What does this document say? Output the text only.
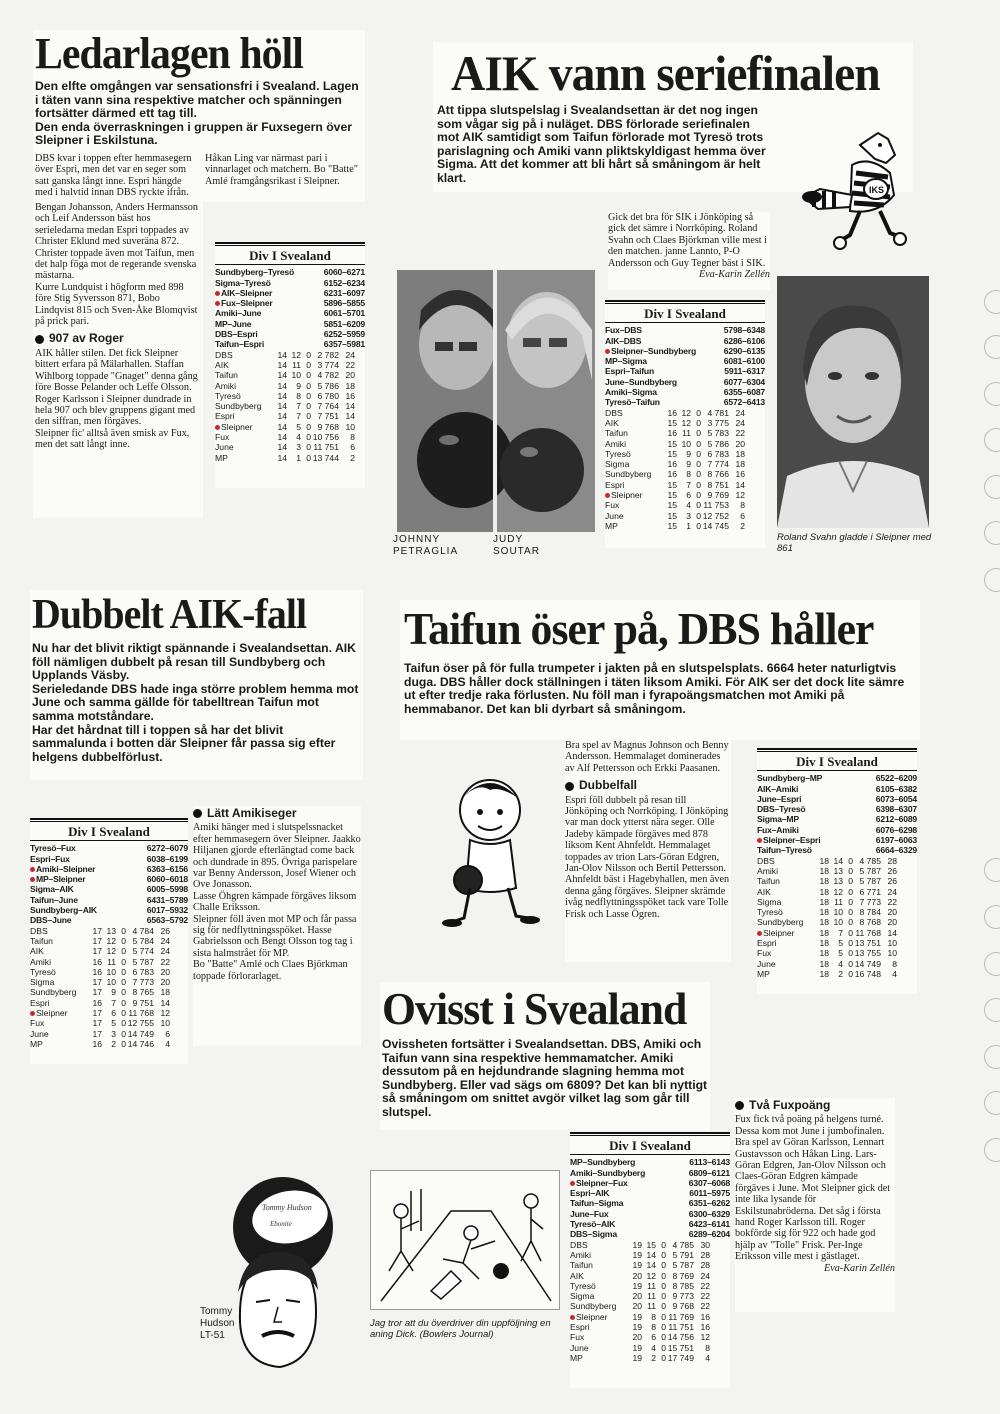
Ledarlagen höll

Den elfte omgången var sensationsfri i Svealand. Lagen i täten vann sina respektive matcher och spänningen fortsätter därmed ett tag till.

Den enda överraskningen i gruppen är Fuxsegern över Sleipner i Eskilstuna.

DBS kvar i toppen efter hemmasegern över Espri, men det var en seger som satt ganska långt inne. Espri hängde med i halvtid innan DBS ryckte ifrån.

Håkan Ling var närmast pari i vinnarlaget och matchern. Bo "Batte" Amlé framgångsrikast i Sleipner.

Bengan Johansson, Anders Hermansson och Leif Andersson bäst hos serieledarna medan Espri toppades av Christer Eklund med suveräna 872.

Christer toppade även mot Taifun, men det halp föga mot de regerande svenska mästarna.

Kurre Lundquist i högform med 898 före Stig Syversson 871, Bobo Lindqvist 815 och Sven-Åke Blomqvist på prick pari.

907 av Roger

AIK håller stilen. Det fick Sleipner bittert erfara på Mälarhallen. Staffan Wihlborg toppade "Gnaget" denna gång före Bosse Pelander och Leffe Olsson.

Roger Karlsson i Sleipner dundrade in hela 907 och blev gruppens gigant med den siffran, men förgäves.

Sleipner fic' alltså även smisk av Fux, men det satt långt inne.

Div I Svealand
Sundbyberg–Tyresö	6060–6271
Sigma–Tyresö	6152–6234
AIK–Sleipner	6231–6097
Fux–Sleipner	5896–5855
Amiki–June	6061–5701
MP–June	5851–6209
DBS–Espri	6252–5959
Taifun–Espri	6357–5981
DBS	14 12 0 2 782 24
AIK	14 11 0 3 774 22
Taifun	14 10 0 4 782 20
Amiki	14	9 0 5 786 18
Tyresö	14	8 0 6 780 16
Sundbyberg	14	7 0 7 764 14
Espri	14	7 0 7 751 14
Sleipner	14	5 0 9 768 10
Fux	14	4 0 10 756	8
June	14	3 0 11 751	6
MP	14	1 0 13 744	2
AIK vann seriefinalen

Att tippa slutspelslag i Svealandsettan är det nog ingen som vågar sig på i nuläget. DBS förlorade seriefinalen mot AIK samtidigt som Taifun förlorade mot Tyresö trots parislagning och Amiki vann pliktskyldigast hemma över Sigma. Att det kommer att bli hårt så småningom är helt klart.

IKS

Gick det bra för SIK i Jönköping så gick det sämre i Norrköping. Roland Svahn och Claes Björkman ville mest i den matchen. janne Lannto, P-O Andersson och Guy Tegner bäst i SIK.

Eva-Karin Zellén

JOHNNY PETRAGLIA
JUDY SOUTAR
Div I Svealand
Fux–DBS	5798–6348
AIK–DBS	6286–6106
Sleipner–Sundbyberg	6290–6135
MP–Sigma	6081–6100
Espri–Taifun	5911–6317
June–Sundbyberg	6077–6304
Amiki–Sigma	6355–6087
Tyresö–Taifun	6572–6413
DBS	16 12 0 4 781 24
AIK	15 12 0 3 775 24
Taifun	16 11 0 5 783 22
Amiki	15 10 0 5 786 20
Tyresö	15	9 0 6 783 18
Sigma	16	9 0 7 774 18
Sundbyberg	16	8 0 8 766 16
Espri	15	7 0 8 751 14
Sleipner	15	6 0 9 769 12
Fux	15	4 0 11 753	8
June	15	3 0 12 752	6
MP	15	1 0 14 745	2
Roland Svahn gladde i Sleipner med 861
Dubbelt AIK-fall

Nu har det blivit riktigt spännande i Svealandsettan. AIK föll nämligen dubbelt på resan till Sundbyberg och Upplands Väsby.

Serieledande DBS hade inga större problem hemma mot June och samma gällde för tabelltrean Taifun mot samma motståndare.

Har det hårdnat till i toppen så har det blivit sammalunda i botten där Sleipner får passa sig efter helgens dubbelförlust.

Lätt Amikiseger

Amiki hänger med i slutspelssnacket efter hemmasegern över Sleipner. Jaakko Hiljanen gjorde efterlängtad come back och dundrade in 895. Övriga parispelare var Benny Andersson, Josef Wiener och Ove Jonasson.

Lasse Öhgren kämpade förgäves liksom Challe Eriksson.

Sleipner föll även mot MP och får passa sig för nedflyttningsspöket. Hasse Gabrielsson och Bengt Olsson tog tag i sista halmstrået för MP.

Bo "Batte" Amlé och Claes Björkman toppade förlorarlaget.

Div I Svealand
Tyresö–Fux	6272–6079
Espri–Fux	6038–6199
Amiki–Sleipner	6363–6156
MP–Sleipner	6060–6018
Sigma–AIK	6005–5998
Taifun–June	6431–5789
Sundbyberg–AIK	6017–5932
DBS–June	6563–5792
DBS	17 13 0 4 784 26
Taifun	17 12 0 5 784 24
AIK	17 12 0 5 774 24
Amiki	16 11 0 5 787 22
Tyresö	16 10 0 6 783 20
Sigma	17 10 0 7 773 20
Sundbyberg	17	9 0 8 765 18
Espri	16	7 0 9 751 14
Sleipner	17	6 0 11 768 12
Fux	17	5 0 12 755 10
June	17	3 0 14 749	6
MP	16	2 0 14 746	4
Taifun öser på, DBS håller

Taifun öser på för fulla trumpeter i jakten på en slutspelsplats. 6664 heter naturligtvis duga. DBS håller dock ställningen i täten liksom Amiki. För AIK ser det dock lite sämre ut efter tredje raka förlusten. Nu föll man i fyrapoängsmatchen mot Amiki på hemmabanor. Det kan bli dyrbart så småningom.

Bra spel av Magnus Johnson och Benny Andersson. Hemmalaget dominerades av Alf Pettersson och Erkki Paasanen.

Dubbelfall

Espri föll dubbelt på resan till Jönköping och Norrköping. I Jönköping var man dock ytterst nära seger. Olle Jadeby kämpade förgäves med 878 liksom Kent Ahnfeldt. Hemmalaget toppades av trion Lars-Göran Edgren, Jan-Olov Nilsson och Bertil Pettersson.

Ahnfeldt bäst i Hagebyhallen, men även denna gång förgäves. Sleipner skrämde ivåg nedflyttningsspöket tack vare Tolle Frisk och Lasse Ögren.

Div I Svealand
Sundbyberg–MP	6522–6209
AIK–Amiki	6105–6382
June–Espri	6073–6054
DBS–Tyresö	6398–6307
Sigma–MP	6212–6089
Fux–Amiki	6076–6298
Sleipner–Espri	6197–6063
Taifun–Tyresö	6664–6329
DBS	18 14 0 4 785 28
Amiki	18 13 0 5 787 26
Taifun	18 13 0 5 787 26
AIK	18 12 0 6 771 24
Sigma	18 11 0 7 773 22
Tyresö	18 10 0 8 784 20
Sundbyberg	18 10 0 8 768 20
Sleipner	18	7 0 11 768 14
Espri	18	5 0 13 751 10
Fux	18	5 0 13 755 10
June	18	4 0 14 749	8
MP	18	2 0 16 748	4
Ovisst i Svealand

Ovissheten fortsätter i Svealandsettan. DBS, Amiki och Taifun vann sina respektive hemmamatcher. Amiki dessutom på en hejdundrande slagning hemma mot Sundbyberg. Eller vad sägs om 6809? Det kan bli nyttigt så småningom om snittet avgör vilket lag som går till slutspel.	Två Fuxpoäng

Fux fick två poäng på helgens turné. Dessa kom mot June i jumbofinalen. Bra spel av Göran Karlsson, Lennart Gustavsson och Håkan Ling. Lars-Göran Edgren, Jan-Olov Nilsson och Claes-Göran Edgren kämpade förgäves i June. Mot Sleipner gick det inte lika lysande för Eskilstunabröderna. Det såg i första hand Roger Karlsson till. Roger bokförde sig för 922 och hade god hjälp av "Tolle" Frisk. Per-Inge Eriksson ville mest i gästlaget.

Eva-Karin Zellén

Div I Svealand
MP–Sundbyberg	6113–6143
Amiki–Sundbyberg	6809–6121
Sleipner–Fux	6307–6068
Espri–AIK	6011–5975
Taifun–Sigma	6351–6262
June–Fux	6300–6329
Tyresö–AIK	6423–6141
DBS–Sigma	6289–6204
DBS	19 15 0 4 785 30
Amiki	19 14 0 5 791 28
Taifun	19 14 0 5 787 28
AIK	20 12 0 8 769 24
Tyresö	19 11 0 8 785 22
Sigma	20 11 0 9 773 22
Sundbyberg	20 11 0 9 768 22
Sleipner	19	8 0 11 769 16
Espri	19	8 0 11 751 16
Fux	20	6 0 14 756 12
June	19	4 0 15 751	8
MP	19	2 0 17 749	4
Jag tror att du överdriver din uppföljning en aning Dick. (Bowlers Journal)
Tommy Hudson
Ebonite
Tommy Hudson LT-51
